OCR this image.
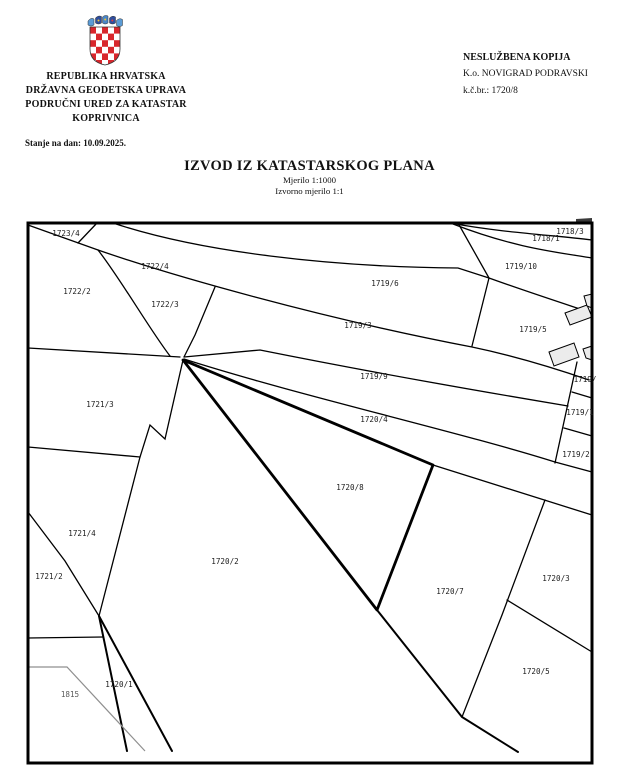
REPUBLIKA HRVATSKA
DRŽAVNA GEODETSKA UPRAVA
PODRUČNI URED ZA KATASTAR
KOPRIVNICA
Stanje na dan: 10.09.2025.
NESLUŽBENA KOPIJA
K.o. NOVIGRAD PODRAVSKI
k.č.br.: 1720/8
IZVOD IZ KATASTARSKOG PLANA
Mjerilo 1:1000
Izvorno mjerilo 1:1
1723/4
1722/4
1722/2
1722/3
1719/6
1718/3
1718/1
1719/10
1719/3	1719/5
1719/9
1720/4
1719/
1719/1
1719/2
1721/3
1720/8
1720/2
1721/4
1721/2
1720/7
1720/3
1720/5
1720/1
1815
